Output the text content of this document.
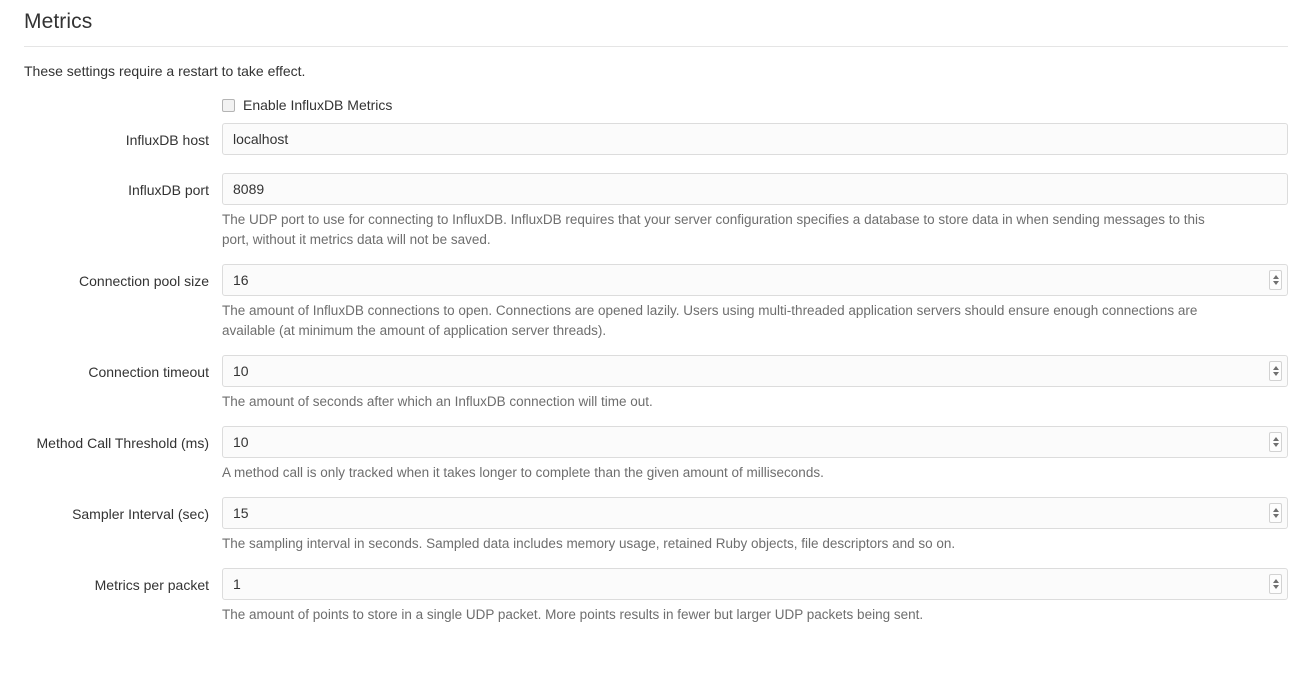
Metrics

These settings require a restart to take effect.

Enable InfluxDB Metrics
InfluxDB host
localhost
InfluxDB port
8089
The UDP port to use for connecting to InfluxDB. InfluxDB requires that your server configuration specifies a database to store data in when sending messages to this port, without it metrics data will not be saved.
Connection pool size
16
The amount of InfluxDB connections to open. Connections are opened lazily. Users using multi-threaded application servers should ensure enough connections are available (at minimum the amount of application server threads).
Connection timeout
10
The amount of seconds after which an InfluxDB connection will time out.
Method Call Threshold (ms)
10
A method call is only tracked when it takes longer to complete than the given amount of milliseconds.
Sampler Interval (sec)
15
The sampling interval in seconds. Sampled data includes memory usage, retained Ruby objects, file descriptors and so on.
Metrics per packet
1
The amount of points to store in a single UDP packet. More points results in fewer but larger UDP packets being sent.
